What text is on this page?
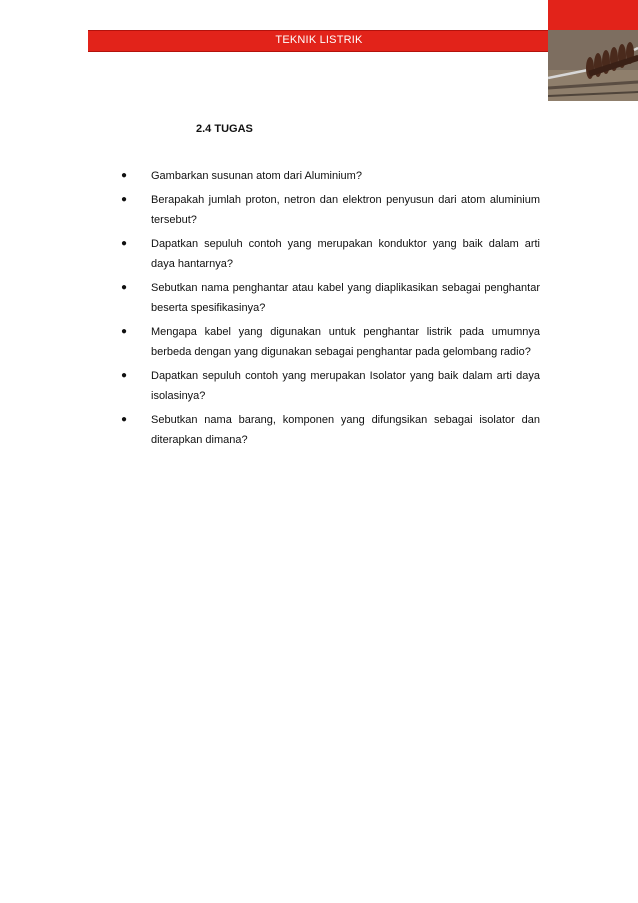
TEKNIK LISTRIK
2.4 TUGAS
● Gambarkan susunan atom dari Aluminium?
● Berapakah jumlah proton, netron dan elektron penyusun dari atom aluminium tersebut?
● Dapatkan sepuluh contoh yang merupakan konduktor yang baik dalam arti daya hantarnya?
● Sebutkan nama penghantar atau kabel yang diaplikasikan sebagai penghantar beserta spesifikasinya?
● Mengapa kabel yang digunakan untuk penghantar listrik pada umumnya berbeda dengan yang digunakan sebagai penghantar pada gelombang radio?
● Dapatkan sepuluh contoh yang merupakan Isolator yang baik dalam arti daya isolasinya?
● Sebutkan nama barang, komponen yang difungsikan sebagai isolator dan diterapkan dimana?
